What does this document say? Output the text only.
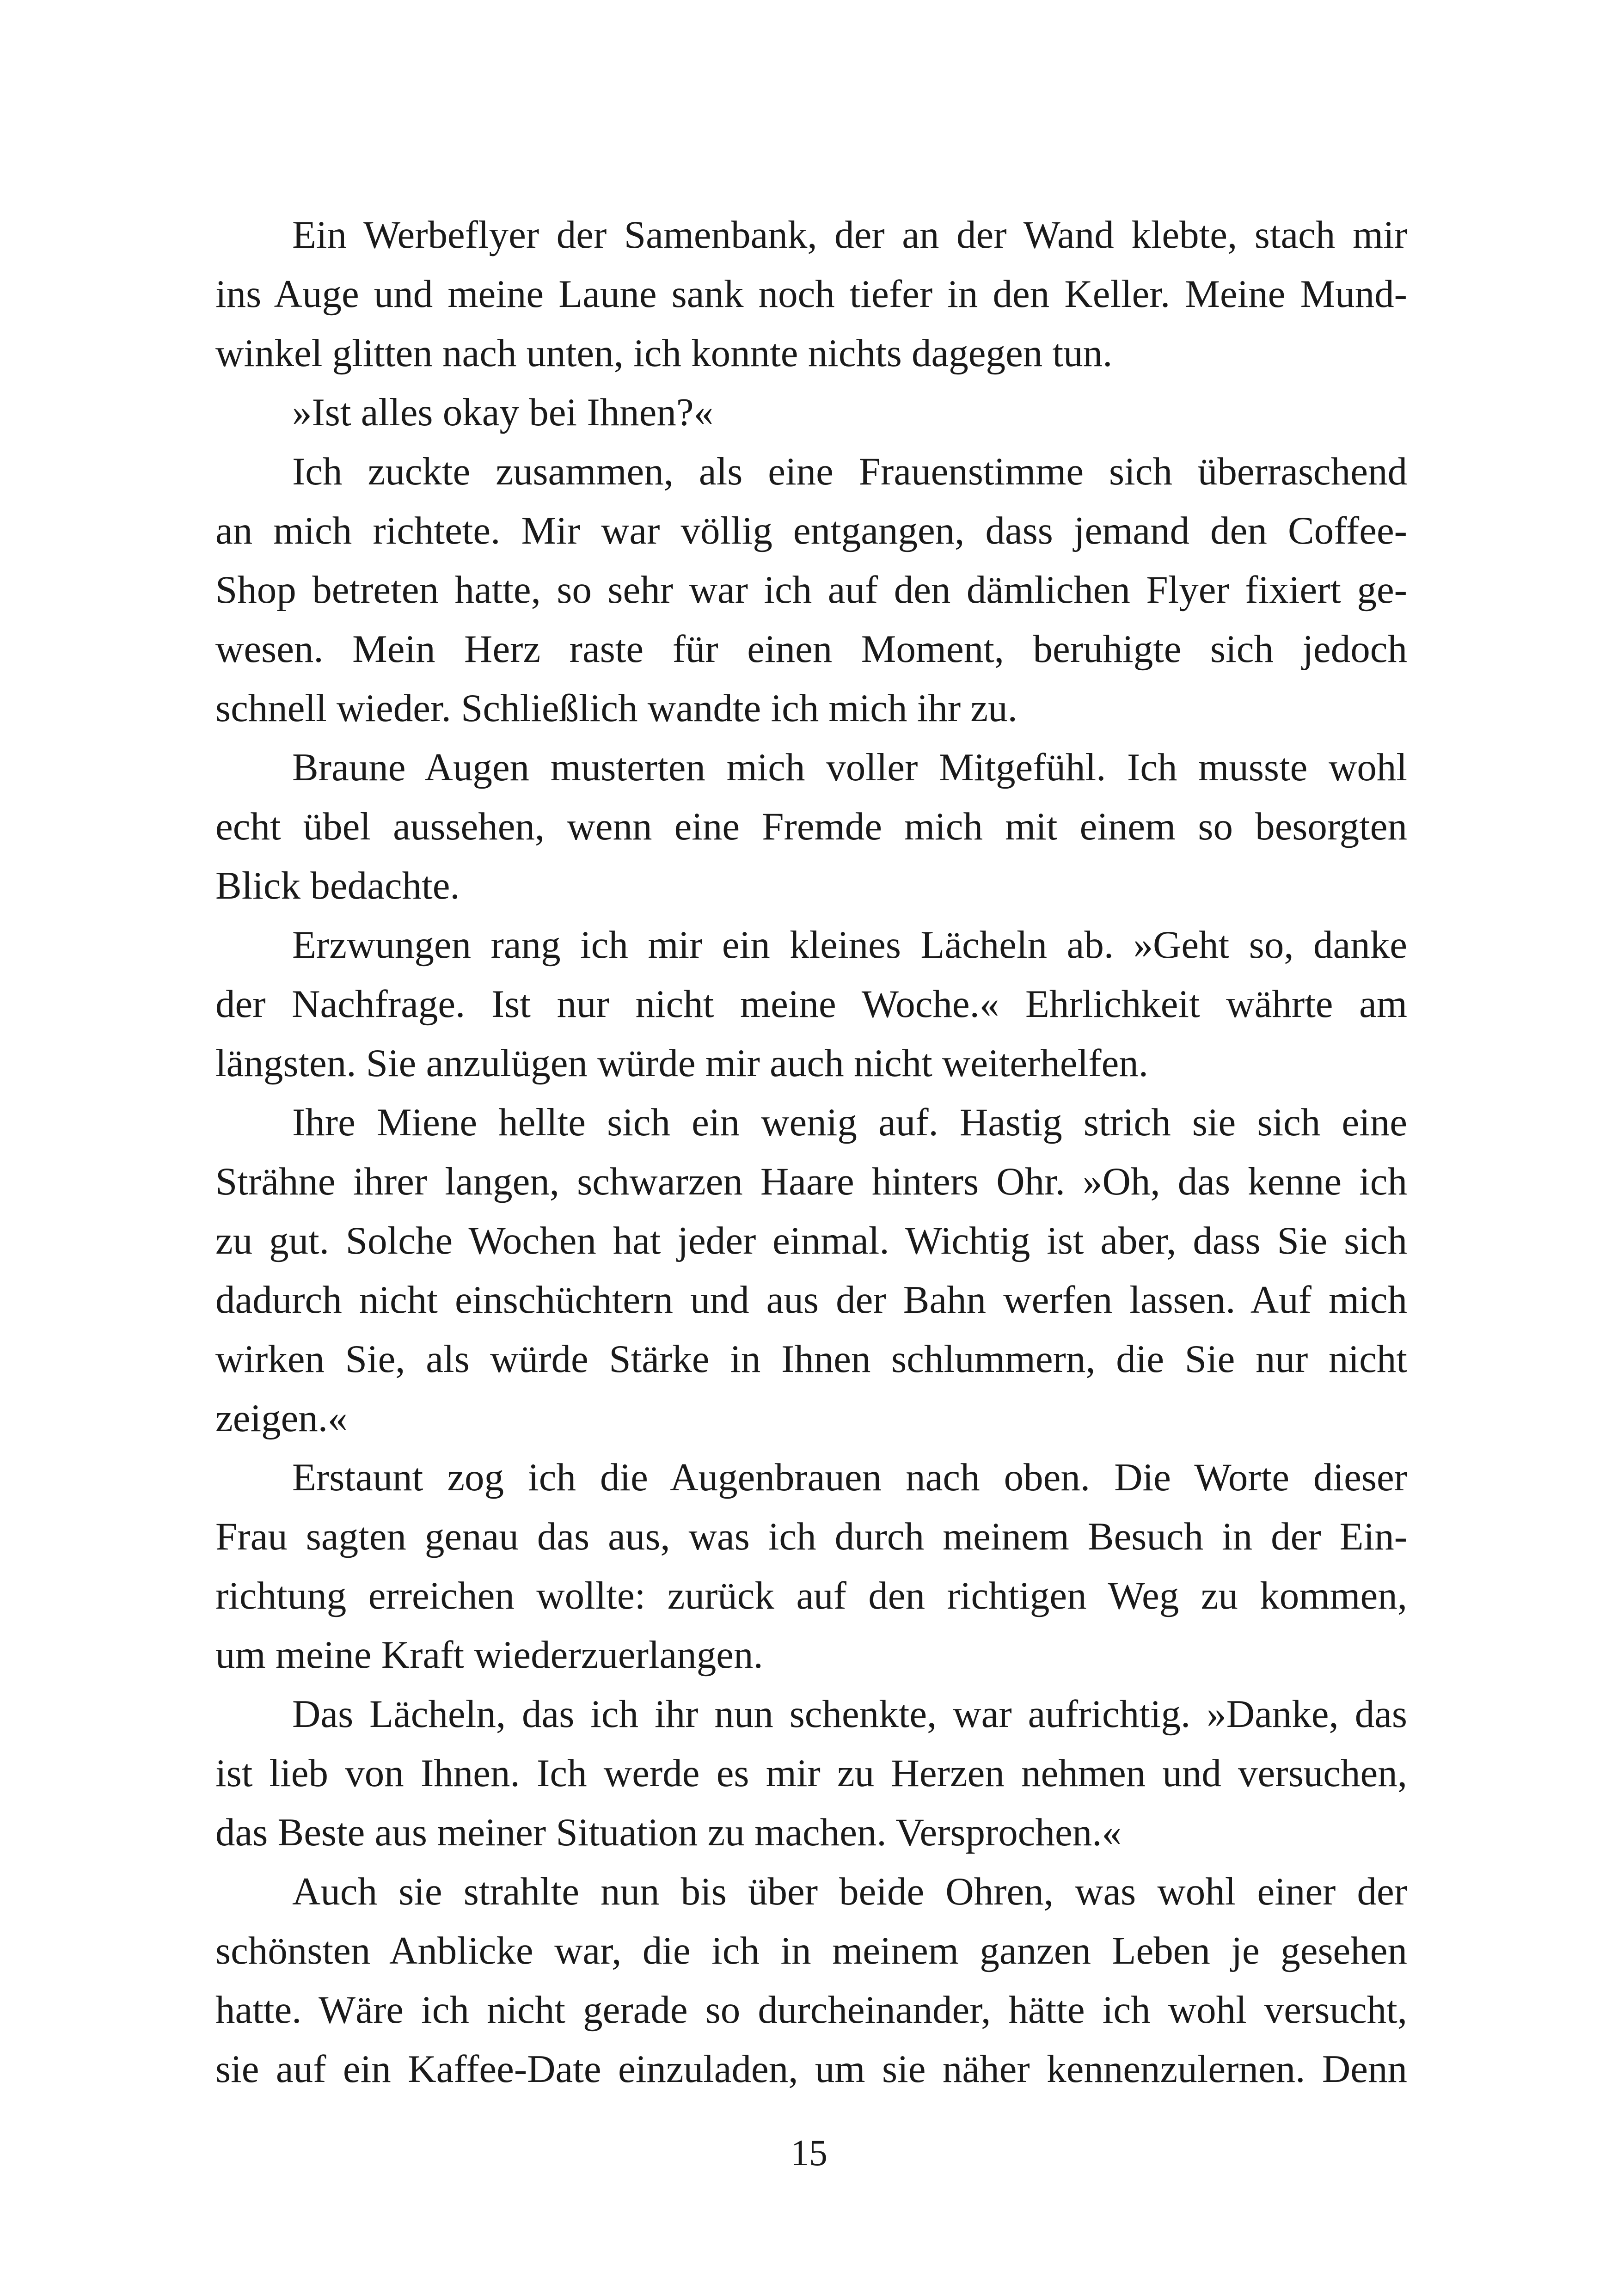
Ein Werbeflyer der Samenbank, der an der Wand klebte, stach mir
ins Auge und meine Laune sank noch tiefer in den Keller. Meine Mund-
winkel glitten nach unten, ich konnte nichts dagegen tun.
»Ist alles okay bei Ihnen?«
Ich zuckte zusammen, als eine Frauenstimme sich überraschend
an mich richtete. Mir war völlig entgangen, dass jemand den Coffee-
Shop betreten hatte, so sehr war ich auf den dämlichen Flyer fixiert ge-
wesen. Mein Herz raste für einen Moment, beruhigte sich jedoch
schnell wieder. Schließlich wandte ich mich ihr zu.
Braune Augen musterten mich voller Mitgefühl. Ich musste wohl
echt übel aussehen, wenn eine Fremde mich mit einem so besorgten
Blick bedachte.
Erzwungen rang ich mir ein kleines Lächeln ab. »Geht so, danke
der Nachfrage. Ist nur nicht meine Woche.« Ehrlichkeit währte am
längsten. Sie anzulügen würde mir auch nicht weiterhelfen.
Ihre Miene hellte sich ein wenig auf. Hastig strich sie sich eine
Strähne ihrer langen, schwarzen Haare hinters Ohr. »Oh, das kenne ich
zu gut. Solche Wochen hat jeder einmal. Wichtig ist aber, dass Sie sich
dadurch nicht einschüchtern und aus der Bahn werfen lassen. Auf mich
wirken Sie, als würde Stärke in Ihnen schlummern, die Sie nur nicht
zeigen.«
Erstaunt zog ich die Augenbrauen nach oben. Die Worte dieser
Frau sagten genau das aus, was ich durch meinem Besuch in der Ein-
richtung erreichen wollte: zurück auf den richtigen Weg zu kommen,
um meine Kraft wiederzuerlangen.
Das Lächeln, das ich ihr nun schenkte, war aufrichtig. »Danke, das
ist lieb von Ihnen. Ich werde es mir zu Herzen nehmen und versuchen,
das Beste aus meiner Situation zu machen. Versprochen.«
Auch sie strahlte nun bis über beide Ohren, was wohl einer der
schönsten Anblicke war, die ich in meinem ganzen Leben je gesehen
hatte. Wäre ich nicht gerade so durcheinander, hätte ich wohl versucht,
sie auf ein Kaffee-Date einzuladen, um sie näher kennenzulernen. Denn
15
